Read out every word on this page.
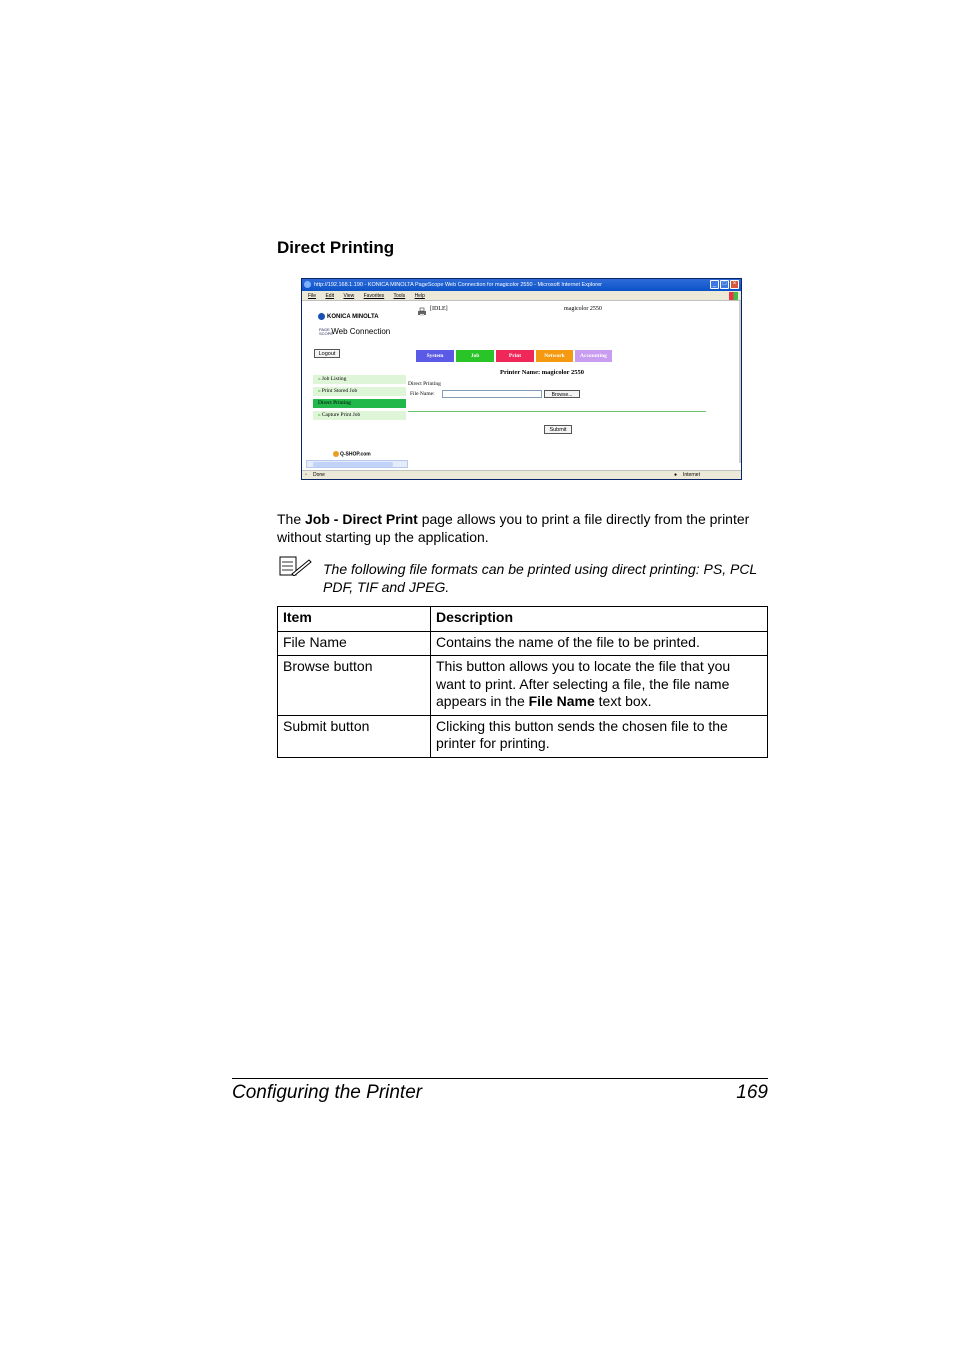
Direct Printing
http://192.168.1.190 - KONICA MINOLTA PageScope Web Connection for magicolor 2550 - Microsoft Internet Explorer	_	□	×
File Edit View Favorites Tools Help
KONICA MINOLTA
PAGE SCOPE Web Connection
Logout
»Job Listing
»Print Stored Job
Direct Printing
»Capture Print Job
Q-SHOP.com
[IDLE]	magicolor 2550
System	Job	Print	Network	Accounting
Printer Name: magicolor 2550
Direct Printing
File Name:	Browse...
Submit
▫ Done	● Internet
The Job - Direct Print page allows you to print a file directly from the printer without starting up the application.
The following file formats can be printed using direct printing: PS, PCL PDF, TIF and JPEG.
Item	Description
File Name	Contains the name of the file to be printed.
Browse button	This button allows you to locate the file that you want to print. After selecting a file, the file name appears in the File Name text box.
Submit button	Clicking this button sends the chosen file to the printer for printing.
Configuring the Printer	169
